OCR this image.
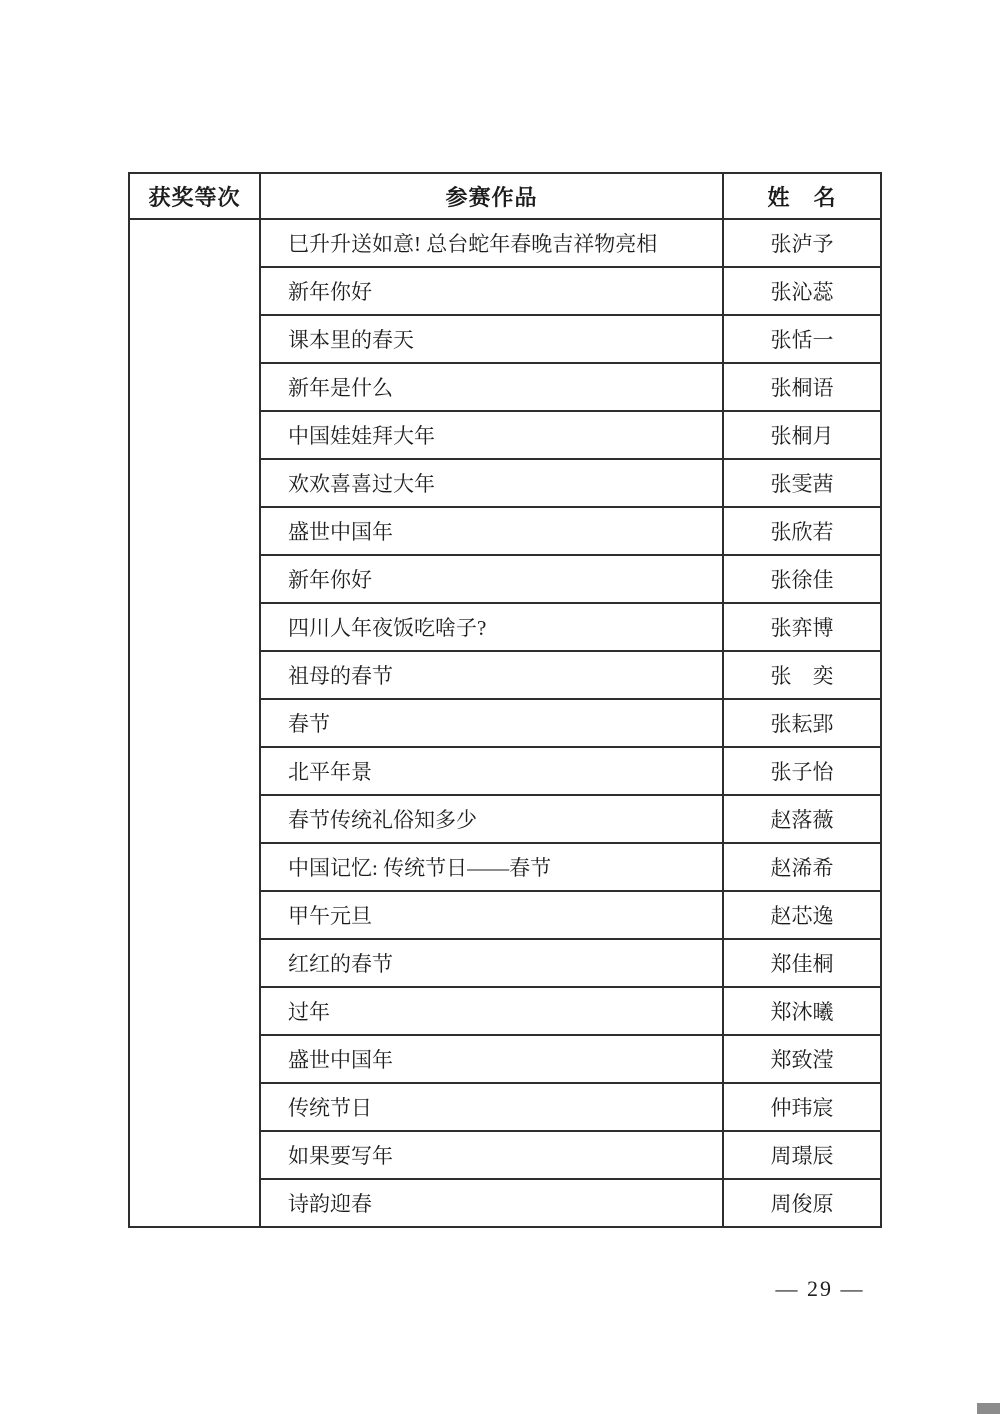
获奖等次	参赛作品	姓　名
	巳升升送如意! 总台蛇年春晚吉祥物亮相	张泸予
	新年你好	张沁蕊
	课本里的春天	张恬一
	新年是什么	张桐语
	中国娃娃拜大年	张桐月
	欢欢喜喜过大年	张雯茜
	盛世中国年	张欣若
	新年你好	张徐佳
	四川人年夜饭吃啥子?	张弈博
	祖母的春节	张　奕
	春节	张耘郢
	北平年景	张子怡
	春节传统礼俗知多少	赵落薇
	中国记忆: 传统节日——春节	赵浠希
	甲午元旦	赵芯逸
	红红的春节	郑佳桐
	过年	郑沐曦
	盛世中国年	郑致滢
	传统节日	仲玮宸
	如果要写年	周璟辰
	诗韵迎春	周俊原
— 29 —
